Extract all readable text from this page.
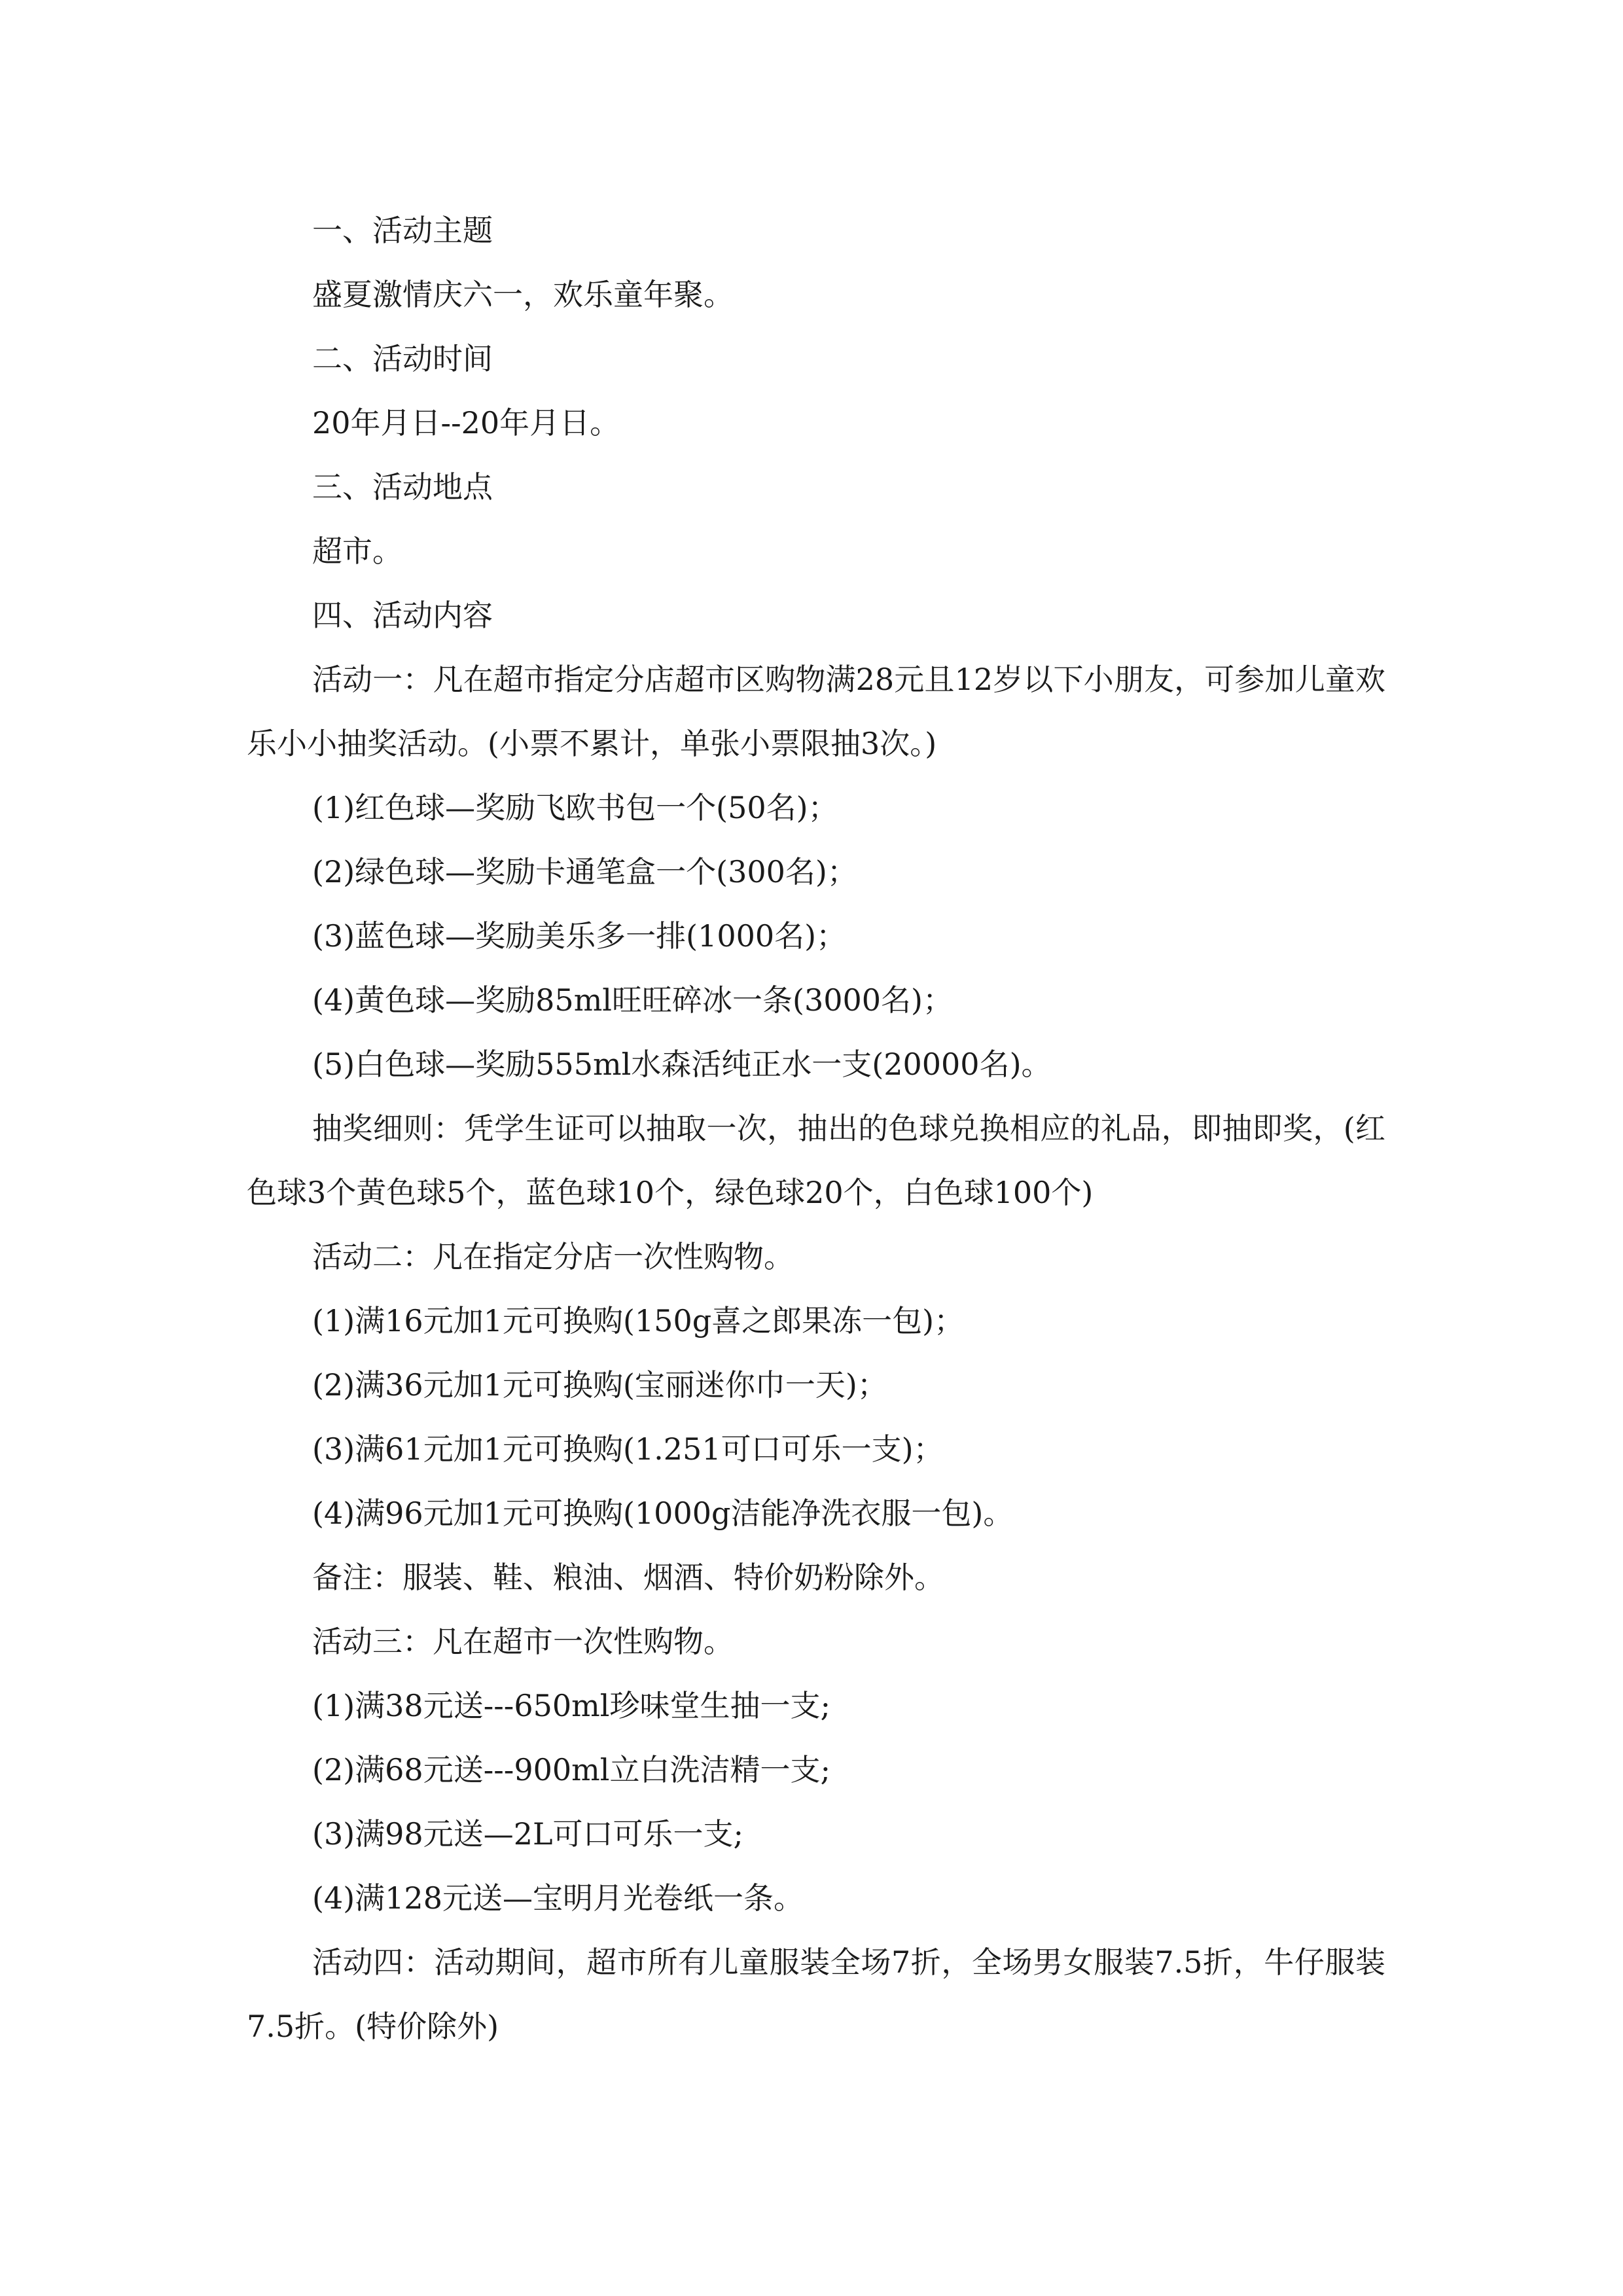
一、活动主题
盛夏激情庆六一，欢乐童年聚。
二、活动时间
20年月日--20年月日。
三、活动地点
超市。
四、活动内容
活动一：凡在超市指定分店超市区购物满28元且12岁以下小朋友，可参加儿童欢乐小小抽奖活动。(小票不累计，单张小票限抽3次。)
(1)红色球—奖励飞欧书包一个(50名)；
(2)绿色球—奖励卡通笔盒一个(300名)；
(3)蓝色球—奖励美乐多一排(1000名)；
(4)黄色球—奖励85ml旺旺碎冰一条(3000名)；
(5)白色球—奖励555ml水森活纯正水一支(20000名)。
抽奖细则：凭学生证可以抽取一次，抽出的色球兑换相应的礼品，即抽即奖，(红色球3个黄色球5个，蓝色球10个，绿色球20个，白色球100个)
活动二：凡在指定分店一次性购物。
(1)满16元加1元可换购(150g喜之郎果冻一包)；
(2)满36元加1元可换购(宝丽迷你巾一天)；
(3)满61元加1元可换购(1.251可口可乐一支)；
(4)满96元加1元可换购(1000g洁能净洗衣服一包)。
备注：服装、鞋、粮油、烟酒、特价奶粉除外。
活动三：凡在超市一次性购物。
(1)满38元送---650ml珍味堂生抽一支;
(2)满68元送---900ml立白洗洁精一支;
(3)满98元送—2L可口可乐一支;
(4)满128元送—宝明月光卷纸一条。
活动四：活动期间，超市所有儿童服装全场7折，全场男女服装7.5折，牛仔服装7.5折。(特价除外)
